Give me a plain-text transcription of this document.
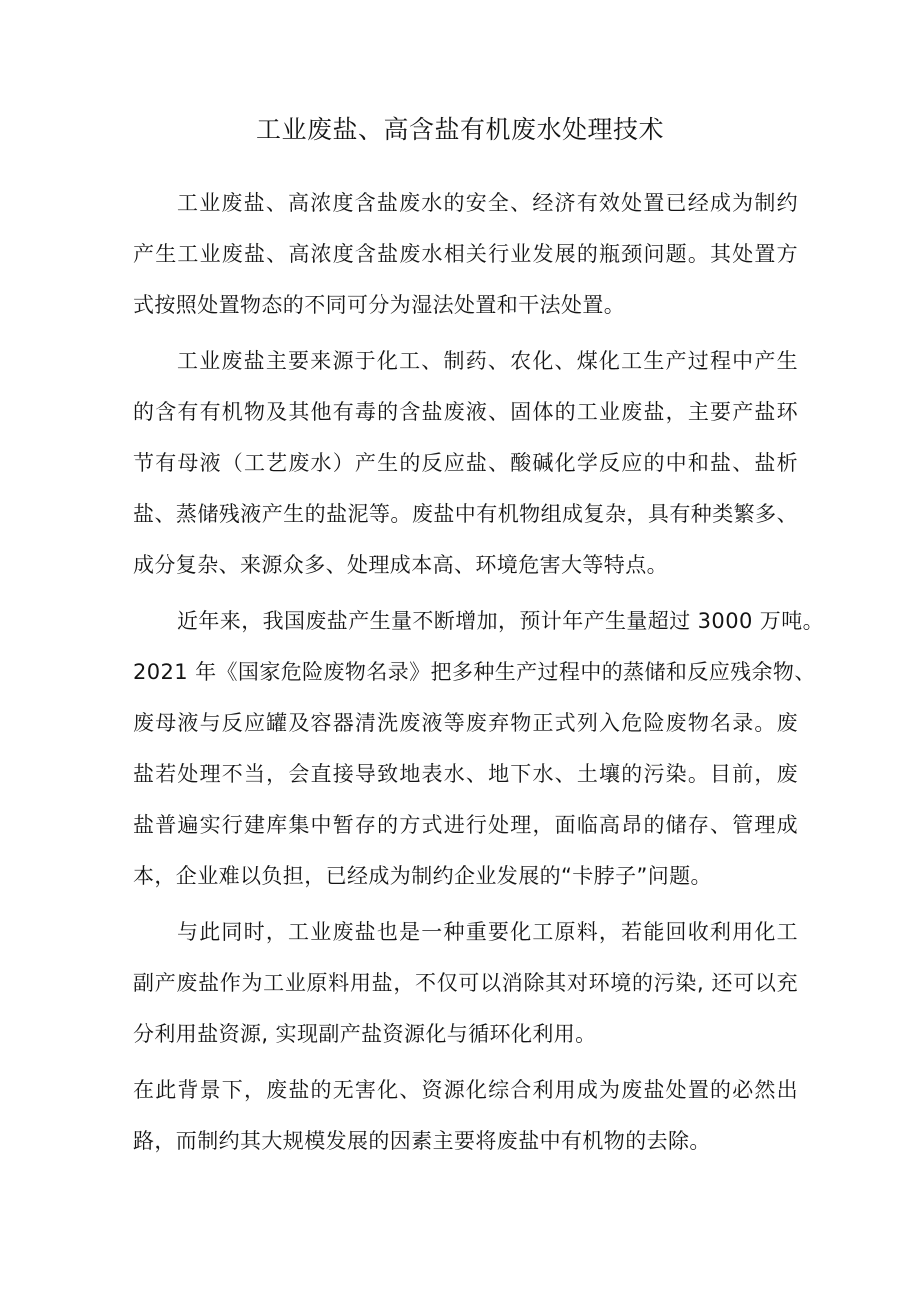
工业废盐、高含盐有机废水处理技术

工业废盐、高浓度含盐废水的安全、经济有效处置已经成为制约
产生工业废盐、高浓度含盐废水相关行业发展的瓶颈问题。其处置方
式按照处置物态的不同可分为湿法处置和干法处置。

工业废盐主要来源于化工、制药、农化、煤化工生产过程中产生
的含有有机物及其他有毒的含盐废液、固体的工业废盐，主要产盐环
节有母液（工艺废水）产生的反应盐、酸碱化学反应的中和盐、盐析
盐、蒸储残液产生的盐泥等。废盐中有机物组成复杂，具有种类繁多、
成分复杂、来源众多、处理成本高、环境危害大等特点。

近年来，我国废盐产生量不断增加，预计年产生量超过 3000 万吨。
2021 年《国家危险废物名录》把多种生产过程中的蒸储和反应残余物、
废母液与反应罐及容器清洗废液等废弃物正式列入危险废物名录。废
盐若处理不当，会直接导致地表水、地下水、土壤的污染。目前，废
盐普遍实行建库集中暂存的方式进行处理，面临高昂的储存、管理成
本，企业难以负担，已经成为制约企业发展的“卡脖子”问题。

与此同时，工业废盐也是一种重要化工原料，若能回收利用化工
副产废盐作为工业原料用盐，不仅可以消除其对环境的污染, 还可以充
分利用盐资源, 实现副产盐资源化与循环化利用。

在此背景下，废盐的无害化、资源化综合利用成为废盐处置的必然出
路，而制约其大规模发展的因素主要将废盐中有机物的去除。
